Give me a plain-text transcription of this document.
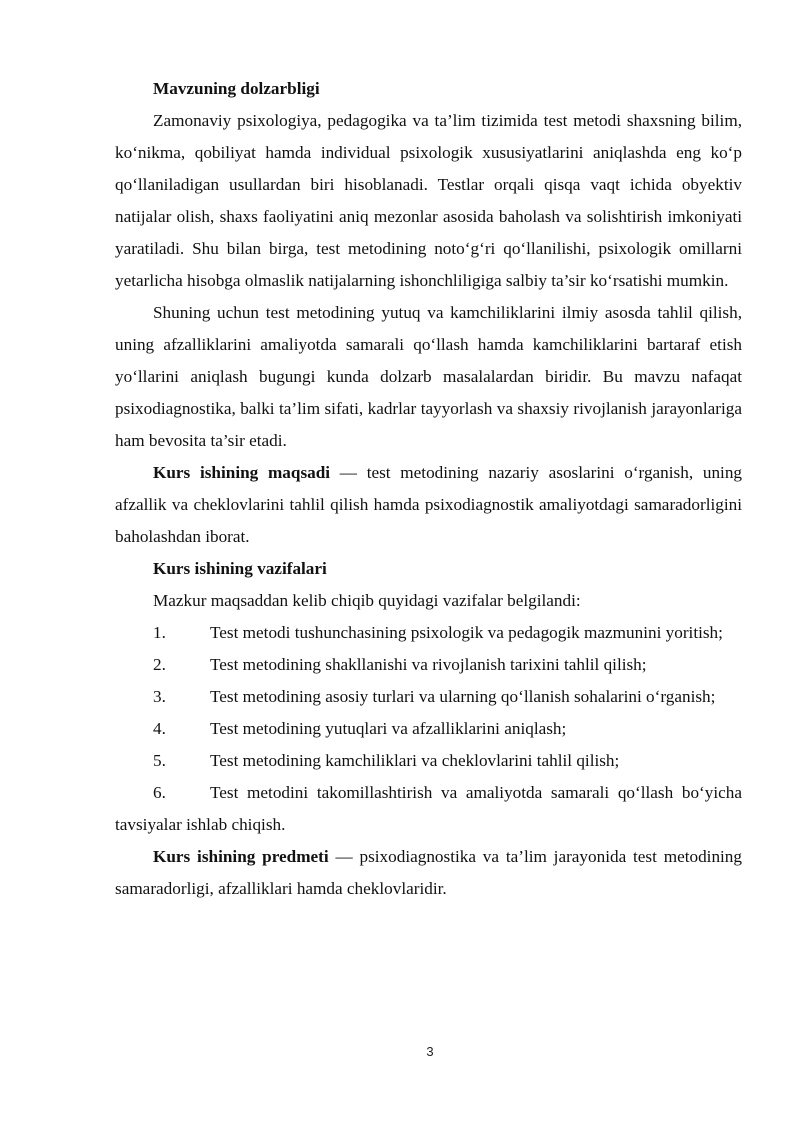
Mavzuning dolzarbligi

Zamonaviy psixologiya, pedagogika va ta’lim tizimida test metodi shaxsning bilim, ko‘nikma, qobiliyat hamda individual psixologik xususiyatlarini aniqlashda eng ko‘p qo‘llaniladigan usullardan biri hisoblanadi. Testlar orqali qisqa vaqt ichida obyektiv natijalar olish, shaxs faoliyatini aniq mezonlar asosida baholash va solishtirish imkoniyati yaratiladi. Shu bilan birga, test metodining noto‘g‘ri qo‘llanilishi, psixologik omillarni yetarlicha hisobga olmaslik natijalarning ishonchliligiga salbiy ta’sir ko‘rsatishi mumkin.

Shuning uchun test metodining yutuq va kamchiliklarini ilmiy asosda tahlil qilish, uning afzalliklarini amaliyotda samarali qo‘llash hamda kamchiliklarini bartaraf etish yo‘llarini aniqlash bugungi kunda dolzarb masalalardan biridir. Bu mavzu nafaqat psixodiagnostika, balki ta’lim sifati, kadrlar tayyorlash va shaxsiy rivojlanish jarayonlariga ham bevosita ta’sir etadi.

Kurs ishining maqsadi — test metodining nazariy asoslarini o‘rganish, uning afzallik va cheklovlarini tahlil qilish hamda psixodiagnostik amaliyotdagi samaradorligini baholashdan iborat.

Kurs ishining vazifalari

Mazkur maqsaddan kelib chiqib quyidagi vazifalar belgilandi:

1.	Test metodi tushunchasining psixologik va pedagogik mazmunini yoritish;

2.	Test metodining shakllanishi va rivojlanish tarixini tahlil qilish;

3.	Test metodining asosiy turlari va ularning qo‘llanish sohalarini o‘rganish;

4.	Test metodining yutuqlari va afzalliklarini aniqlash;

5.	Test metodining kamchiliklari va cheklovlarini tahlil qilish;

6.	Test metodini takomillashtirish va amaliyotda samarali qo‘llash bo‘yicha tavsiyalar ishlab chiqish.

Kurs ishining predmeti — psixodiagnostika va ta’lim jarayonida test metodining samaradorligi, afzalliklari hamda cheklovlaridir.

3
